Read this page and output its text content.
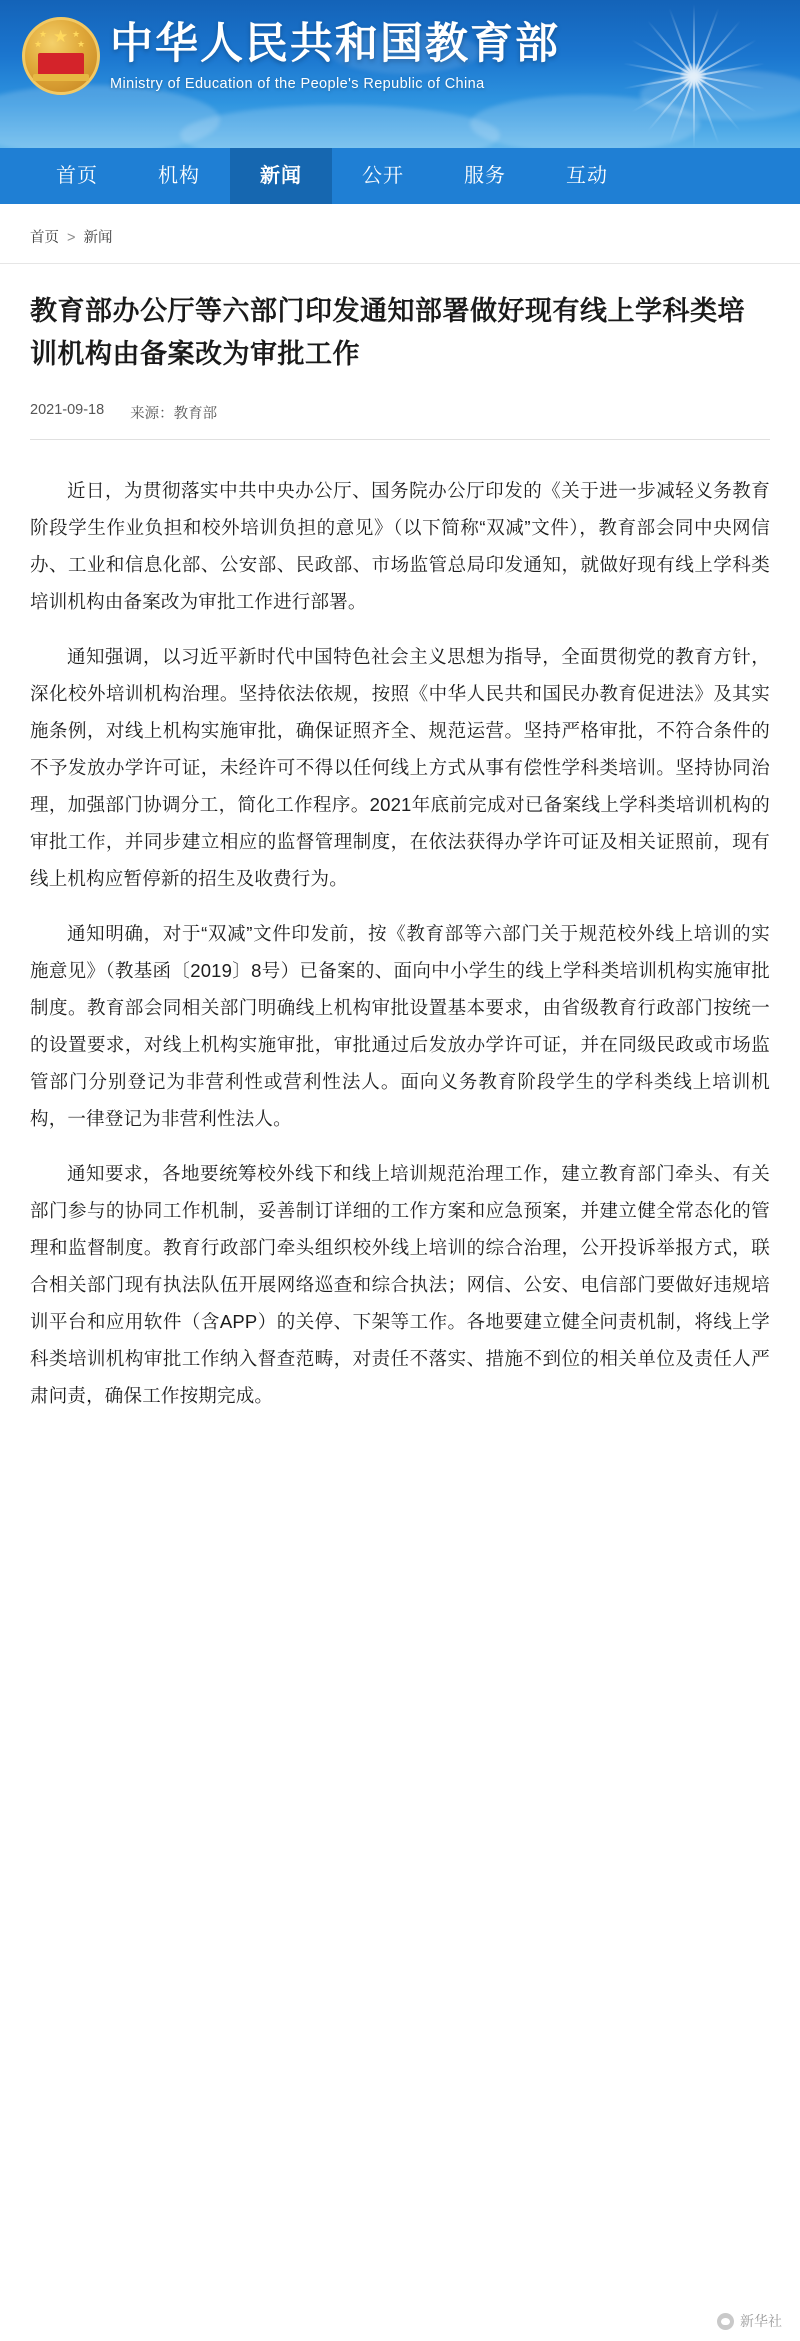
★
★
★
★
★ 中华人民共和国教育部
Ministry of Education of the People's Republic of China
首页	机构	新闻	公开	服务	互动
首页 > 新闻
教育部办公厅等六部门印发通知部署做好现有线上学科类培训机构由备案改为审批工作
2021-09-18 来源：教育部

近日，为贯彻落实中共中央办公厅、国务院办公厅印发的《关于进一步减轻义务教育阶段学生作业负担和校外培训负担的意见》（以下简称“双减”文件），教育部会同中央网信办、工业和信息化部、公安部、民政部、市场监管总局印发通知，就做好现有线上学科类培训机构由备案改为审批工作进行部署。

通知强调，以习近平新时代中国特色社会主义思想为指导，全面贯彻党的教育方针，深化校外培训机构治理。坚持依法依规，按照《中华人民共和国民办教育促进法》及其实施条例，对线上机构实施审批，确保证照齐全、规范运营。坚持严格审批，不符合条件的不予发放办学许可证，未经许可不得以任何线上方式从事有偿性学科类培训。坚持协同治理，加强部门协调分工，简化工作程序。2021年底前完成对已备案线上学科类培训机构的审批工作，并同步建立相应的监督管理制度，在依法获得办学许可证及相关证照前，现有线上机构应暂停新的招生及收费行为。

通知明确，对于“双减”文件印发前，按《教育部等六部门关于规范校外线上培训的实施意见》（教基函〔2019〕8号）已备案的、面向中小学生的线上学科类培训机构实施审批制度。教育部会同相关部门明确线上机构审批设置基本要求，由省级教育行政部门按统一的设置要求，对线上机构实施审批，审批通过后发放办学许可证，并在同级民政或市场监管部门分别登记为非营利性或营利性法人。面向义务教育阶段学生的学科类线上培训机构，一律登记为非营利性法人。

通知要求，各地要统筹校外线下和线上培训规范治理工作，建立教育部门牵头、有关部门参与的协同工作机制，妥善制订详细的工作方案和应急预案，并建立健全常态化的管理和监督制度。教育行政部门牵头组织校外线上培训的综合治理，公开投诉举报方式，联合相关部门现有执法队伍开展网络巡查和综合执法；网信、公安、电信部门要做好违规培训平台和应用软件（含APP）的关停、下架等工作。各地要建立健全问责机制，将线上学科类培训机构审批工作纳入督查范畴，对责任不落实、措施不到位的相关单位及责任人严肃问责，确保工作按期完成。

新华社
